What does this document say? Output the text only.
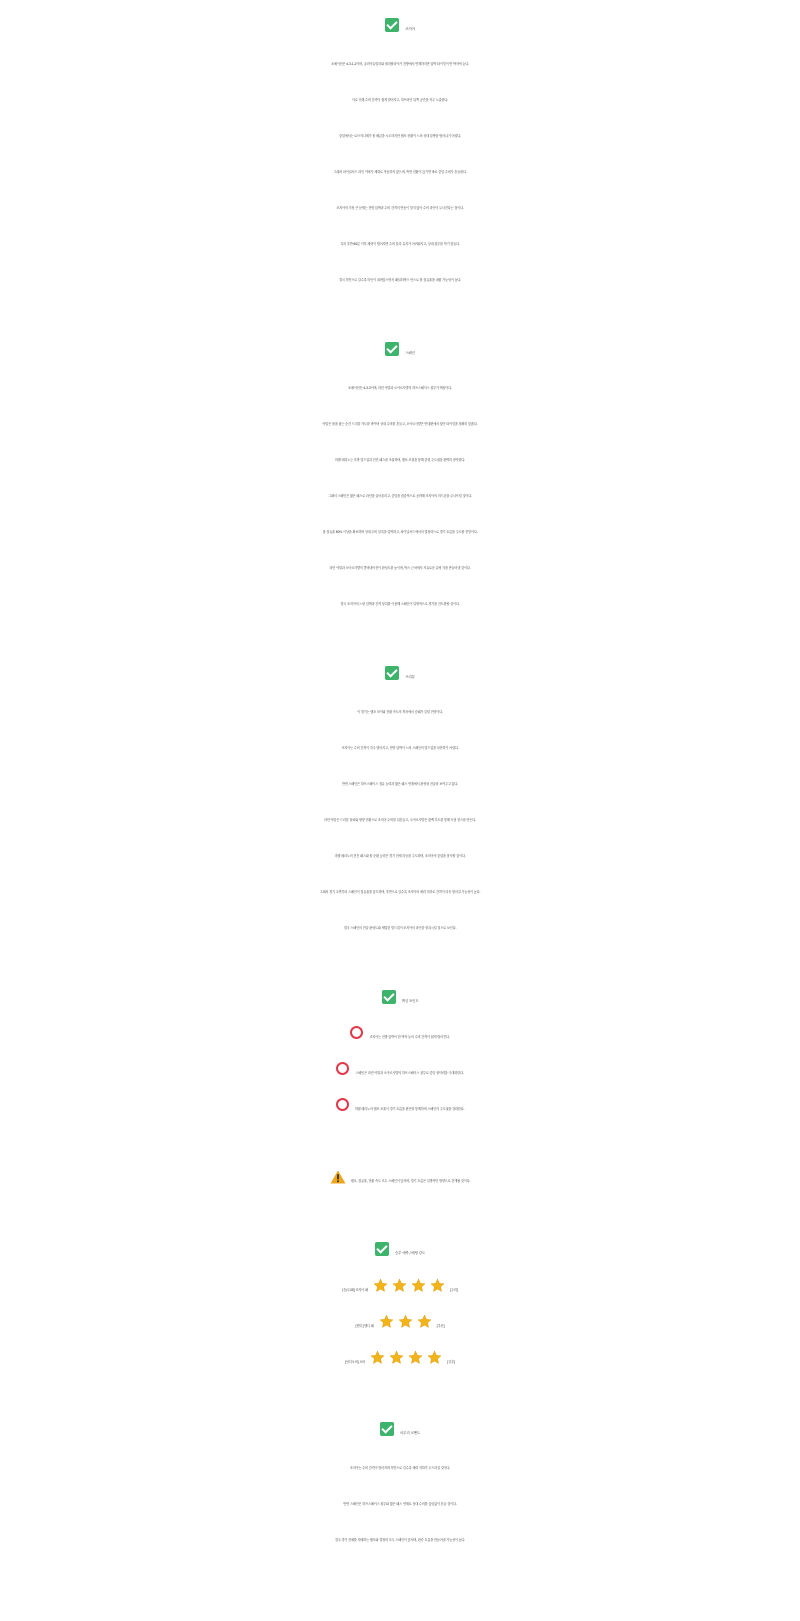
조지아
포메이션은 4-3-1-2이며, 굴리아슈빌리와 퀼리탈리아가 전방에서 연계하지만 압박 타이밍이 반 박자씩 늦다.
이로 인해 수비 간격이 쉽게 벌어지고, 하프라인 뒤쪽 공간을 자주 노출한다.
중원에서는 로브자니제가 볼 배급을 시도하지만 템포 전환이 느려 상대 압박을 벗어나기 어렵다.
그래서 파이널서드 라인 커버가 제대로 작동하지 않으며, 측면 전환이 끊기면 바로 중앙 수비가 흔들린다.
조지아의 가장 큰 문제는 전방 압박과 수비 간격의 연동이 맞지 않아 수비 라인이 무너진다는 점이다.
특히 후반 60분 이후 체력이 떨어지면 수비 블록 유지가 어려워지고, 상대 침투를 막기 힘들다.
결국 후반으로 갈수록 라인이 내려앉으면서 패널티박스 안으로 볼 점유율을 내줄 가능성이 높다.
스페인
포메이션은 4-3-3이며, 라민 야말과 오아르사발의 하프스페이스 침투가 핵심이다.
야말은 볼을 잡는 순간 드리블 각도를 바꾸며 상대 수비를 흔들고, 오아르사발은 반대편에서 컷인 타이밍을 정확히 맞춘다.
미켈 메리노는 후방 빌드업과 전진 패스를 조율하며, 템포 조절을 통해 중원 주도권을 완벽히 장악한다.
그래서 스페인은 짧은 패스로 라인을 끌어올리고, 중앙을 집중적으로 공략해 조지아의 미드존을 무너뜨릴 것이다.
볼 점유율 60% 이상을 확보하며 상대 수비 블록을 압박하고, 파이널서드에서의 결정력으로 경기 흐름을 주도할 전망이다.
라민 야말과 오아르사발의 콤비네이션이 완성도를 높이며, 박스 근처에서 자유로운 슈팅 각을 만들어낼 것이다.
결국 조지아의 느린 압박과 간격 붕괴를 이용해 스페인이 일방적으로 경기를 컨트롤할 것이다.
프리뷰
이 경기는 템포 차이와 전환 속도의 격차에서 승패가 갈릴 전망이다.
조지아는 수비 간격이 자주 벌어지고, 전방 압박이 느려 스페인의 빌드업을 차단하기 어렵다.
반면 스페인은 하프스페이스 점유 능력과 짧은 패스 연계에서 완성형 전술을 보여주고 있다.
라민 야말은 드리블 돌파와 방향 전환으로 조지아 수비를 뒤흔들고, 오아르사발은 컷백 루트를 통해 득점 찬스를 만든다.
미켈 메리노의 전진 패스와 볼 순환 능력은 경기 전체 리듬을 주도하며, 조지아의 중원을 잠식할 것이다.
그래서 경기 초반부터 스페인이 점유율을 압도하며, 후반으로 갈수록 조지아의 체력 저하로 간격이 더욱 벌어질 가능성이 높다.
결국 스페인의 전술 완성도와 세밀한 빌드업이 조지아의 라인을 붕괴시킬 것으로 보인다.
핵심 포인트
조지아는 전방 압박이 한 박자 늦어 수비 간격이 쉽게 벌어진다.
스페인은 라민 야말과 오아르사발의 하프스페이스 침투로 중앙 장악력을 극대화한다.
미켈 메리노의 템포 조율이 경기 흐름을 완전히 통제하며 스페인의 주도권을 강화한다.
템포, 점유율, 전환 속도 모두 스페인이 앞서며, 경기 흐름은 일방적인 방향으로 전개될 것이다.
승부 예측 / 베팅 강도
[승/무/패] 조지아 패	[주력]
[핸디] 핸디 패	[추천]
[언더오버] 오버	[강추]
마무리 코멘트
조지아는 수비 간격이 벌어지며 후반으로 갈수록 체력 저하가 두드러질 것이다.
반면 스페인은 하프스페이스 침투와 짧은 패스 연계로 상대 수비를 끊임없이 흔들 것이다.
결국 경기 전체를 지배하는 템포와 결정력 모두 스페인이 앞서며, 완승 흐름을 만들어낼 가능성이 높다.
